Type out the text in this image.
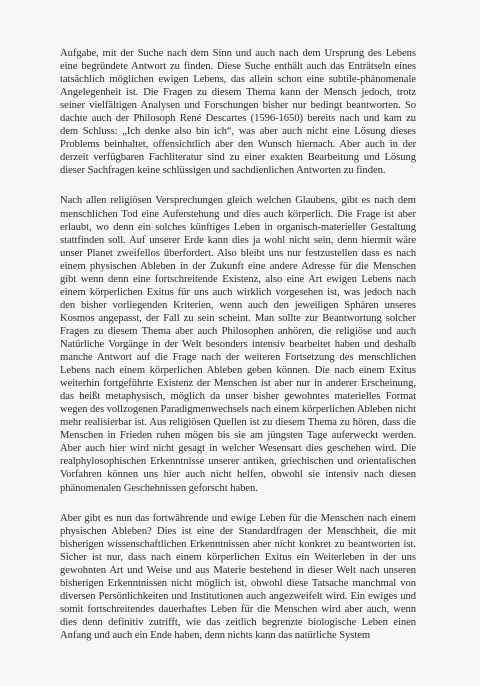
Aufgabe, mit der Suche nach dem Sinn und auch nach dem Ursprung des Lebens eine begründete Antwort zu finden. Diese Suche enthält auch das Enträtseln eines tatsächlich möglichen ewigen Lebens, das allein schon eine subtile-phänomenale Angelegenheit ist. Die Fragen zu diesem Thema kann der Mensch jedoch, trotz seiner vielfältigen Analysen und Forschungen bisher nur bedingt beantworten. So dachte auch der Philosoph René Descartes (1596-1650) bereits nach und kam zu dem Schluss: „Ich denke also bin ich“, was aber auch nicht eine Lösung dieses Problems beinhaltet, offensichtlich aber den Wunsch hiernach. Aber auch in der derzeit verfügbaren Fachliteratur sind zu einer exakten Bearbeitung und Lösung dieser Sachfragen keine schlüssigen und sachdienlichen Antworten zu finden.

Nach allen religiösen Versprechungen gleich welchen Glaubens, gibt es nach dem menschlichen Tod eine Auferstehung und dies auch körperlich. Die Frage ist aber erlaubt, wo denn ein solches künftiges Leben in organisch-materieller Gestaltung stattfinden soll. Auf unserer Erde kann dies ja wohl nicht sein, denn hiermit wäre unser Planet zweifellos überfordert. Also bleibt uns nur festzustellen dass es nach einem physischen Ableben in der Zukunft eine andere Adresse für die Menschen gibt wenn denn eine fortschreitende Existenz, also eine Art ewigen Lebens nach einem körperlichen Exitus für uns auch wirklich vorgesehen ist, was jedoch nach den bisher vorliegenden Kriterien, wenn auch den jeweiligen Sphären unseres Kosmos angepasst, der Fall zu sein scheint. Man sollte zur Beantwortung solcher Fragen zu diesem Thema aber auch Philosophen anhören, die religiöse und auch Natürliche Vorgänge in der Welt besonders intensiv bearbeitet haben und deshalb manche Antwort auf die Frage nach der weiteren Fortsetzung des menschlichen Lebens nach einem körperlichen Ableben geben können. Die nach einem Exitus weiterhin fortgeführte Existenz der Menschen ist aber nur in anderer Erscheinung, das heißt metaphysisch, möglich da unser bisher gewohntes materielles Format wegen des vollzogenen Paradigmenwechsels nach einem körperlichen Ableben nicht mehr realisierbar ist. Aus religiösen Quellen ist zu diesem Thema zu hören, dass die Menschen in Frieden ruhen mögen bis sie am jüngsten Tage auferweckt werden. Aber auch hier wird nicht gesagt in welcher Wesensart dies geschehen wird. Die realphylosophischen Erkenntnisse unserer antiken, griechischen und orientalischen Vorfahren können uns hier auch nicht helfen, obwohl sie intensiv nach diesen phänomenalen Geschehnissen geforscht haben.

Aber gibt es nun das fortwährende und ewige Leben für die Menschen nach einem physischen Ableben? Dies ist eine der Standardfragen der Menschheit, die mit bisherigen wissenschaftlichen Erkenntnissen aber nicht konkret zu beantworten ist. Sicher ist nur, dass nach einem körperlichen Exitus ein Weiterleben in der uns gewohnten Art und Weise und aus Materie bestehend in dieser Welt nach unseren bisherigen Erkenntnissen nicht möglich ist, obwohl diese Tatsache manchmal von diversen Persönlichkeiten und Institutionen auch angezweifelt wird. Ein ewiges und somit fortschreitendes dauerhaftes Leben für die Menschen wird aber auch, wenn dies denn definitiv zutrifft, wie das zeitlich begrenzte biologische Leben einen Anfang und auch ein Ende haben, denn nichts kann das natürliche System
